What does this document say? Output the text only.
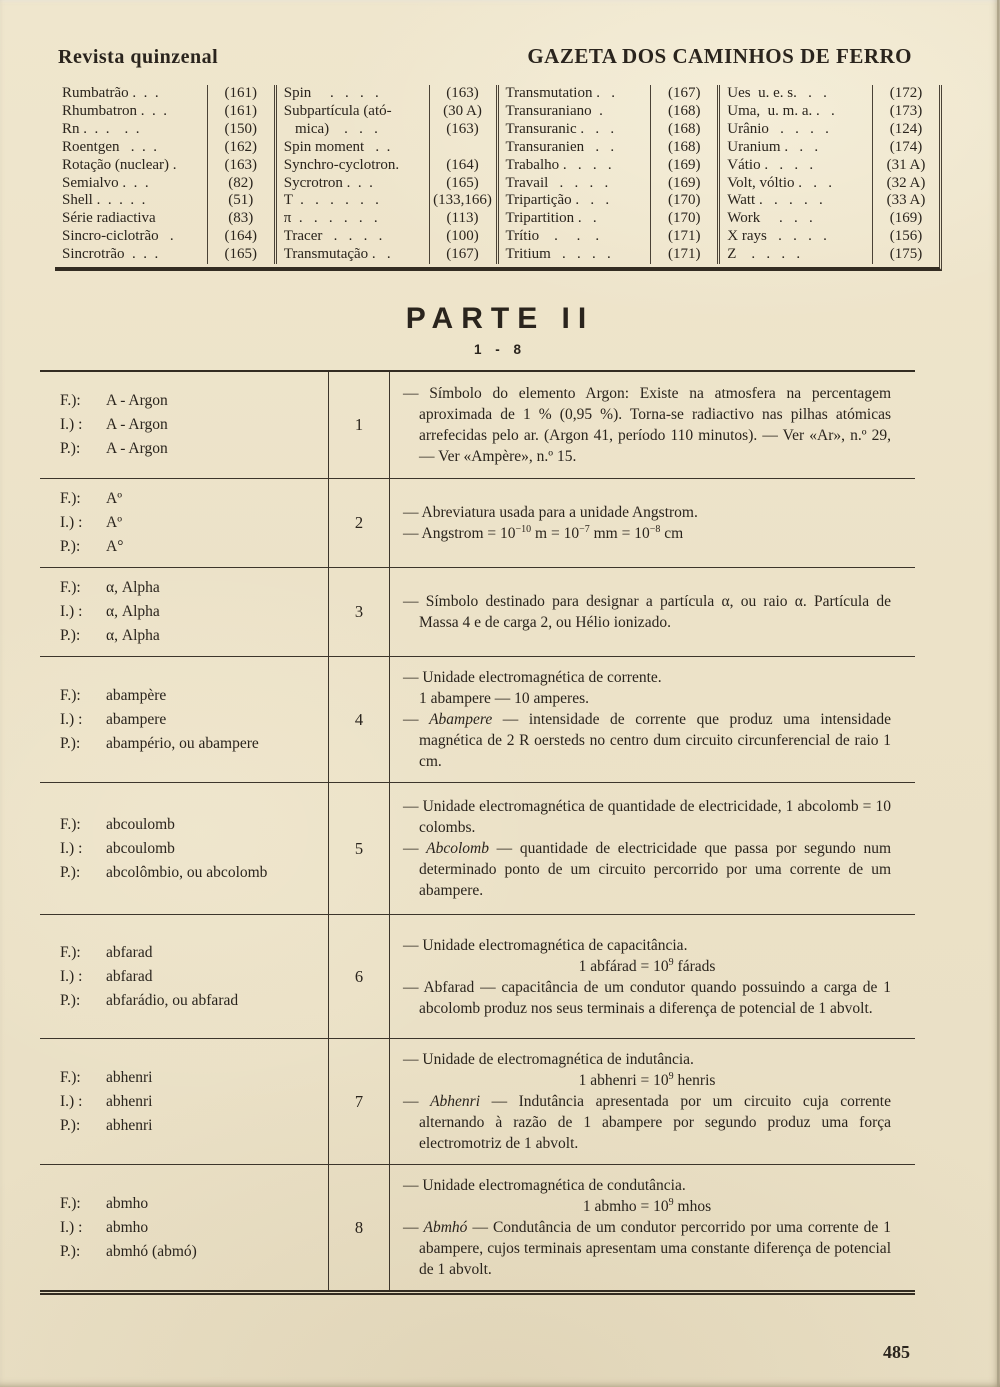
Revista quinzenal	GAZETA DOS CAMINHOS DE FERRO
Rumbatrão .  .  .	(161)
Rhumbatron .  .  .	(161)
Rn .  .  .    .  .	(150)
Roentgen   .  .  .	(162)
Rotação (nuclear) .	(163)
Semialvo .  .  .	(82)
Shell .  .  .  .  .	(51)
Série radiactiva	(83)
Sincro-ciclotrão   .	(164)
Sincrotrão  .  .  .	(165)
Spin     .   .   .   .	(163)
Subpartícula (ató-	(30 A)
mica)    .   .   .	(163)
Spin moment   .  .
Synchro-cyclotron.	(164)
Sycrotron .  .  .	(165)
T  .   .   .   .   .   .	(133,166)
π  .   .   .   .   .   .	(113)
Tracer   .   .   .   .	(100)
Transmutação .   .	(167)
Transmutation .   .	(167)
Transuraniano  .	(168)
Transuranic .   .   .	(168)
Transuranien   .   .	(168)
Trabalho .   .   .   .	(169)
Travail   .   .   .   .	(169)
Tripartição .   .   .	(170)
Tripartition .   .	(170)
Trítio    .     .    .	(171)
Tritium   .   .   .   .	(171)
Ues  u. e. s.   .   .	(172)
Uma,  u. m. a. .   .	(173)
Urânio   .   .   .   .	(124)
Uranium .   .   .	(174)
Vátio .   .   .   .	(31 A)
Volt, vóltio .   .   .	(32 A)
Watt .   .   .   .   .	(33 A)
Work     .   .   .	(169)
X rays   .   .   .   .	(156)
Z    .   .   .   .	(175)
PARTE II
1 - 8
F.):	A - Argon
I.) :	A - Argon
P.):	A - Argon
1

— Símbolo do elemento Argon: Existe na atmosfera na percentagem aproximada de 1 % (0,95 %). Torna-se radiactivo nas pilhas atómicas arrefecidas pelo ar. (Argon 41, período 110 minutos). — Ver «Ar», n.º 29, — Ver «Ampère», n.º 15.

F.):	Aº
I.) :	Aº
P.):	A°
2

— Abreviatura usada para a unidade Angstrom.

— Angstrom = $10^{-10}$ $m = 10^{-7}$ mm = $10^{-8}$ cm

F.):	α, Alpha
I.) :	α, Alpha
P.):	α, Alpha
3

— Símbolo destinado para designar a partícula α, ou raio α. Partícula de Massa 4 e de carga 2, ou Hélio ionizado.

F.):	abampère
I.) :	abampere
P.):	abampério, ou abampere
4

— Unidade electromagnética de corrente.

1 abampere — 10 amperes.

— Abampere — intensidade de corrente que produz uma intensidade magnética de 2 R oersteds no centro dum circuito circunferencial de raio 1 cm.

F.):	abcoulomb
I.) :	abcoulomb
P.):	abcolômbio, ou abcolomb
5

— Unidade electromagnética de quantidade de electricidade, 1 abcolomb = 10 colombs.

— Abcolomb — quantidade de electricidade que passa por segundo num determinado ponto de um circuito percorrido por uma corrente de um abampere.

F.):	abfarad
I.) :	abfarad
P.):	abfarádio, ou abfarad
6

— Unidade electromagnética de capacitância.

1 abfárad = $10^9$ fárads

— Abfarad — capacitância de um condutor quando possuindo a carga de 1 abcolomb produz nos seus terminais a diferença de potencial de 1 abvolt.

F.):	abhenri
I.) :	abhenri
P.):	abhenri
7

— Unidade de electromagnética de indutância.

1 abhenri = $10^9$ henris

— Abhenri — Indutância apresentada por um circuito cuja corrente alternando à razão de 1 abampere por segundo produz uma força electromotriz de 1 abvolt.

F.):	abmho
I.) :	abmho
P.):	abmhó (abmó)
8

— Unidade electromagnética de condutância.

1 abmho = $10^9$ mhos

— Abmhó — Condutância de um condutor percorrido por uma corrente de 1 abampere, cujos terminais apresentam uma constante diferença de potencial de 1 abvolt.

485
